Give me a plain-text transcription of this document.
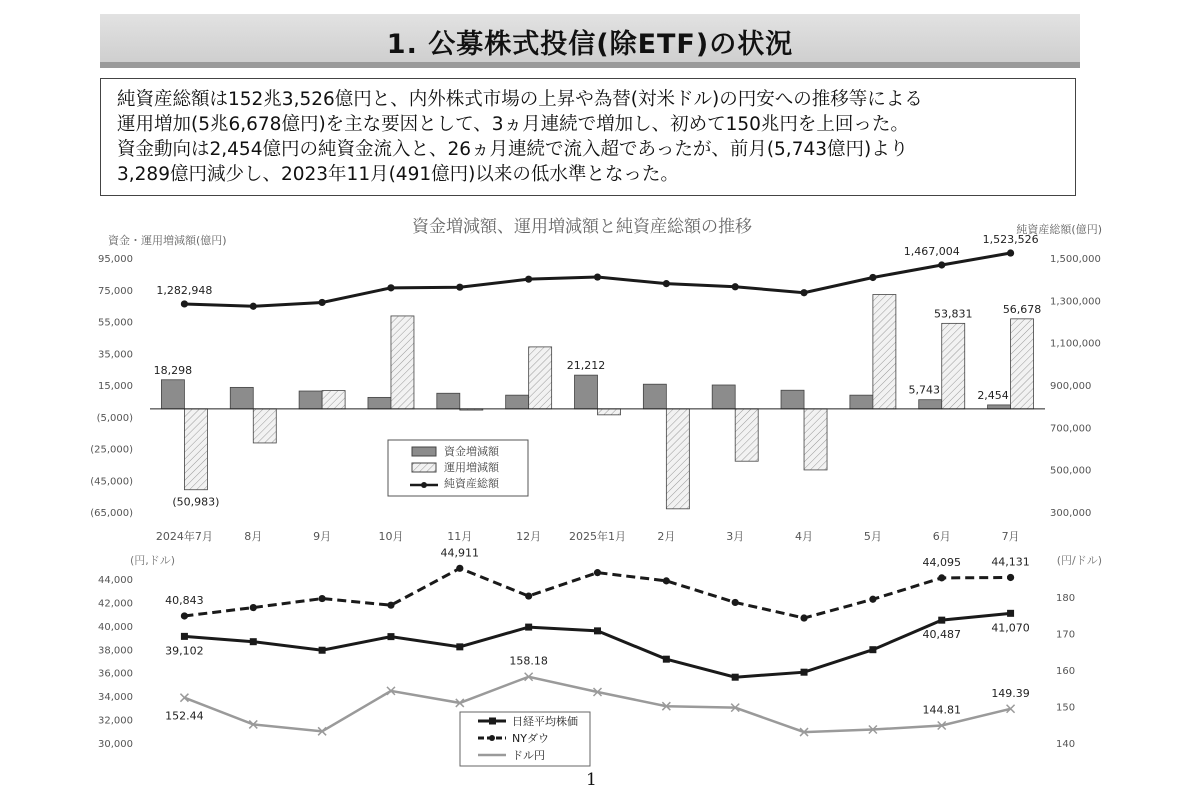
1. 公募株式投信(除ETF)の状況
純資産総額は152兆3,526億円と、内外株式市場の上昇や為替(対米ドル)の円安への推移等による
運用増加(5兆6,678億円)を主な要因として、3ヵ月連続で増加し、初めて150兆円を上回った。
資金動向は2,454億円の純資金流入と、26ヵ月連続で流入超であったが、前月(5,743億円)より
3,289億円減少し、2023年11月(491億円)以来の低水準となった。
資金増減額、運用増減額と純資産総額の推移
資金・運用増減額(億円)
純資産総額(億円)
(円,ドル)	(円/ドル)
95,000
75,000
55,000
35,000
15,000
(5,000)
(25,000)
(45,000)
(65,000)
1,500,000
1,300,000
1,100,000
900,000
700,000
500,000
300,000
2024年7月	8月	9月	10月	11月	12月	2025年1月	2月	3月	4月	5月	6月	7月
18,298
(50,983)
21,212
5,743
53,831
2,454
56,678
1,282,948
1,467,004
1,523,526
資金増減額
運用増減額
純資産総額
44,000
42,000
40,000
38,000
36,000
34,000
32,000
30,000
180
170
160
150
140
39,102
40,487
41,070
40,843
44,911
44,095	44,131
152.44
158.18
144.81
149.39
日経平均株価
NYダウ
ドル円
1
